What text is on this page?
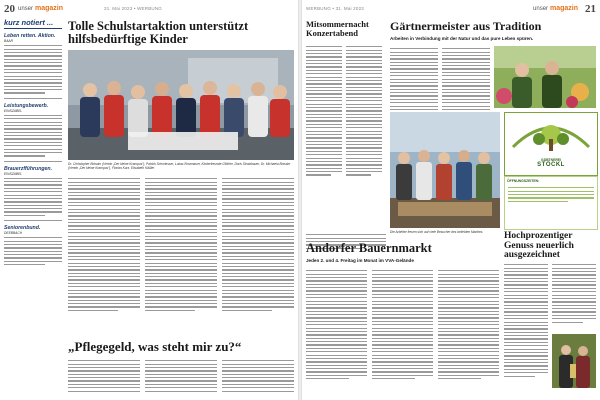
20 unser magazin	31. Mai 2023 • WERBUNG
kurz notiert ...
Leben retten. Aktion.
BAAR
Leistungsbewerb.
EINSZABEL
Brauerzfführungen.
EINSZABEL
Seniorenbund.
DEEBBACH
Tolle Schulstartaktion unterstützt hilfsbedürftige Kinder
Dr. Christopher Bohaim (Verein „Der kleine Krampus“), Patrick Schmiesser, Lukas Rosenauer, Kinderfreunde Gföhler, Doris Strutzbauer, Dr. Michaela Bohaim (Verein „Der kleine Krampus“), Florian Kurz, Elisabeth Käßler
„Pflegegeld, was steht mir zu?“
WERBUNG • 31. Mai 2023	unser magazin 21
Mitsommernacht Konzertabend	Gärtnermeister aus Tradition
Arbeiten in Verbindung mit der Natur und das pure Leben spüren.
Die Arbeiter freuen sich auf viele Besucher des beliebten Marktes.
GÄRTNEREI
STÖCKL
ÖFFNUNGSZEITEN:
Andorfer Bauernmarkt
Jeden 2. und 4. Freitag im Monat im VVA-Gelände
Hochprozentiger Genuss neuerlich ausgezeichnet
